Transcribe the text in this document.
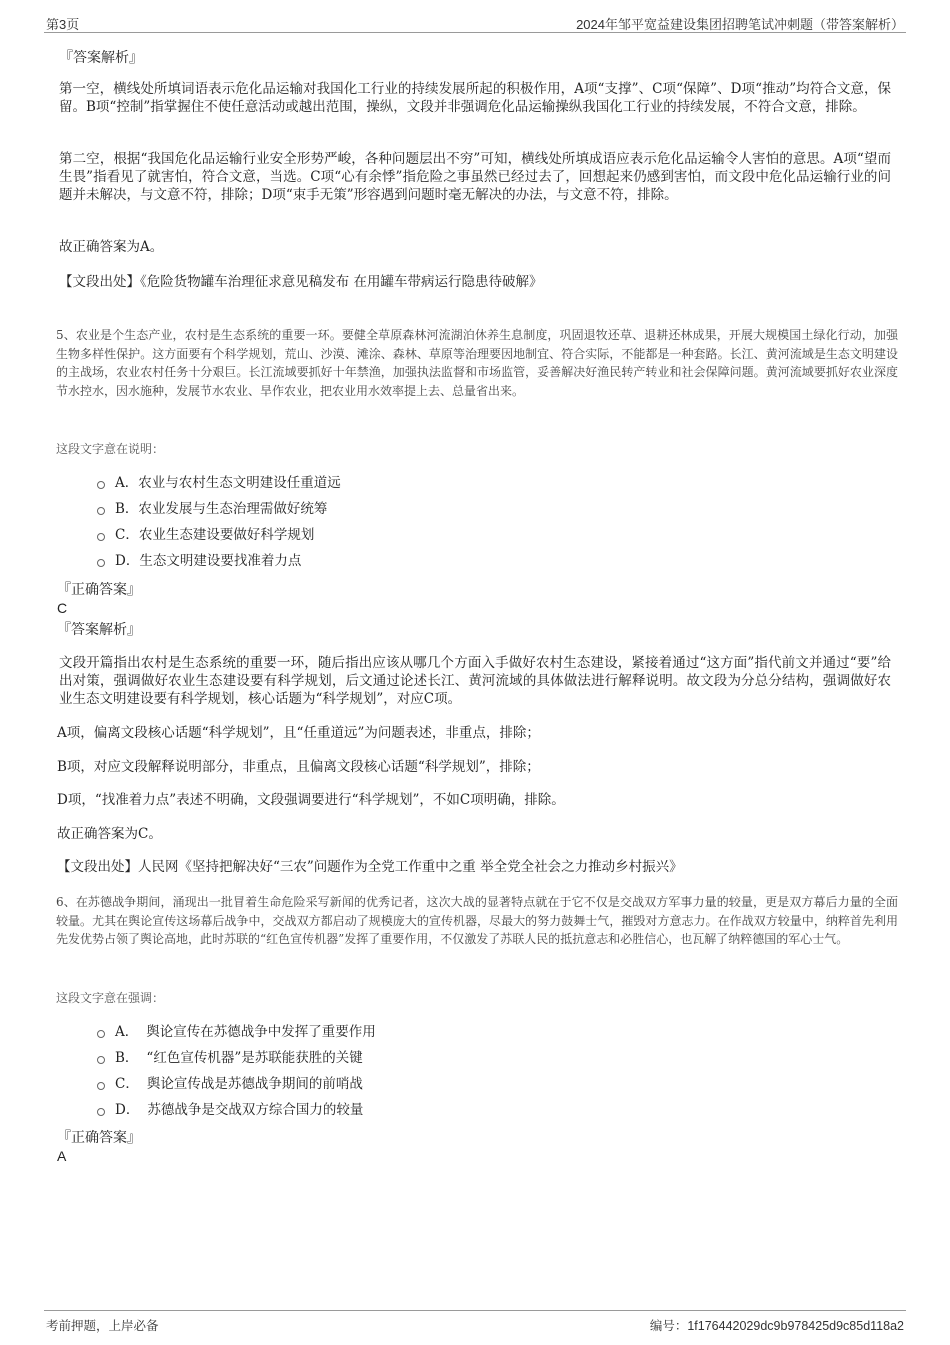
第3页	2024年邹平宽益建设集团招聘笔试冲刺题（带答案解析）
『答案解析』
第一空，横线处所填词语表示危化品运输对我国化工行业的持续发展所起的积极作用，A项“支撑”、C项“保障”、D项“推动”均符合文意，保留。B项“控制”指掌握住不使任意活动或越出范围，操纵，文段并非强调危化品运输操纵我国化工行业的持续发展，不符合文意，排除。
第二空，根据“我国危化品运输行业安全形势严峻，各种问题层出不穷”可知，横线处所填成语应表示危化品运输令人害怕的意思。A项“望而生畏”指看见了就害怕，符合文意，当选。C项“心有余悸”指危险之事虽然已经过去了，回想起来仍感到害怕，而文段中危化品运输行业的问题并未解决，与文意不符，排除；D项“束手无策”形容遇到问题时毫无解决的办法，与文意不符，排除。
故正确答案为A。
【文段出处】《危险货物罐车治理征求意见稿发布 在用罐车带病运行隐患待破解》
5、农业是个生态产业，农村是生态系统的重要一环。要健全草原森林河流湖泊休养生息制度，巩固退牧还草、退耕还林成果，开展大规模国土绿化行动，加强生物多样性保护。这方面要有个科学规划，荒山、沙漠、滩涂、森林、草原等治理要因地制宜、符合实际，不能都是一种套路。长江、黄河流域是生态文明建设的主战场，农业农村任务十分艰巨。长江流域要抓好十年禁渔，加强执法监督和市场监管，妥善解决好渔民转产转业和社会保障问题。黄河流域要抓好农业深度节水控水，因水施种，发展节水农业、旱作农业，把农业用水效率提上去、总量省出来。
这段文字意在说明：
A． 农业与农村生态文明建设任重道远
B． 农业发展与生态治理需做好统筹
C． 农业生态建设要做好科学规划
D． 生态文明建设要找准着力点
『正确答案』
C
『答案解析』
文段开篇指出农村是生态系统的重要一环，随后指出应该从哪几个方面入手做好农村生态建设，紧接着通过“这方面”指代前文并通过“要”给出对策，强调做好农业生态建设要有科学规划，后文通过论述长江、黄河流域的具体做法进行解释说明。故文段为分总分结构，强调做好农业生态文明建设要有科学规划，核心话题为“科学规划”，对应C项。
A项，偏离文段核心话题“科学规划”，且“任重道远”为问题表述，非重点，排除；
B项，对应文段解释说明部分，非重点，且偏离文段核心话题“科学规划”，排除；
D项，“找准着力点”表述不明确，文段强调要进行“科学规划”，不如C项明确，排除。
故正确答案为C。
【文段出处】人民网《坚持把解决好“三农”问题作为全党工作重中之重 举全党全社会之力推动乡村振兴》
6、在苏德战争期间，涌现出一批冒着生命危险采写新闻的优秀记者，这次大战的显著特点就在于它不仅是交战双方军事力量的较量，更是双方幕后力量的全面较量。尤其在舆论宣传这场幕后战争中，交战双方都启动了规模庞大的宣传机器，尽最大的努力鼓舞士气，摧毁对方意志力。在作战双方较量中，纳粹首先利用先发优势占领了舆论高地，此时苏联的“红色宣传机器”发挥了重要作用，不仅激发了苏联人民的抵抗意志和必胜信心，也瓦解了纳粹德国的军心士气。
这段文字意在强调：
A． 舆论宣传在苏德战争中发挥了重要作用
B． “红色宣传机器”是苏联能获胜的关键
C． 舆论宣传战是苏德战争期间的前哨战
D． 苏德战争是交战双方综合国力的较量
『正确答案』
A
考前押题，上岸必备	编号：1f176442029dc9b978425d9c85d118a2
